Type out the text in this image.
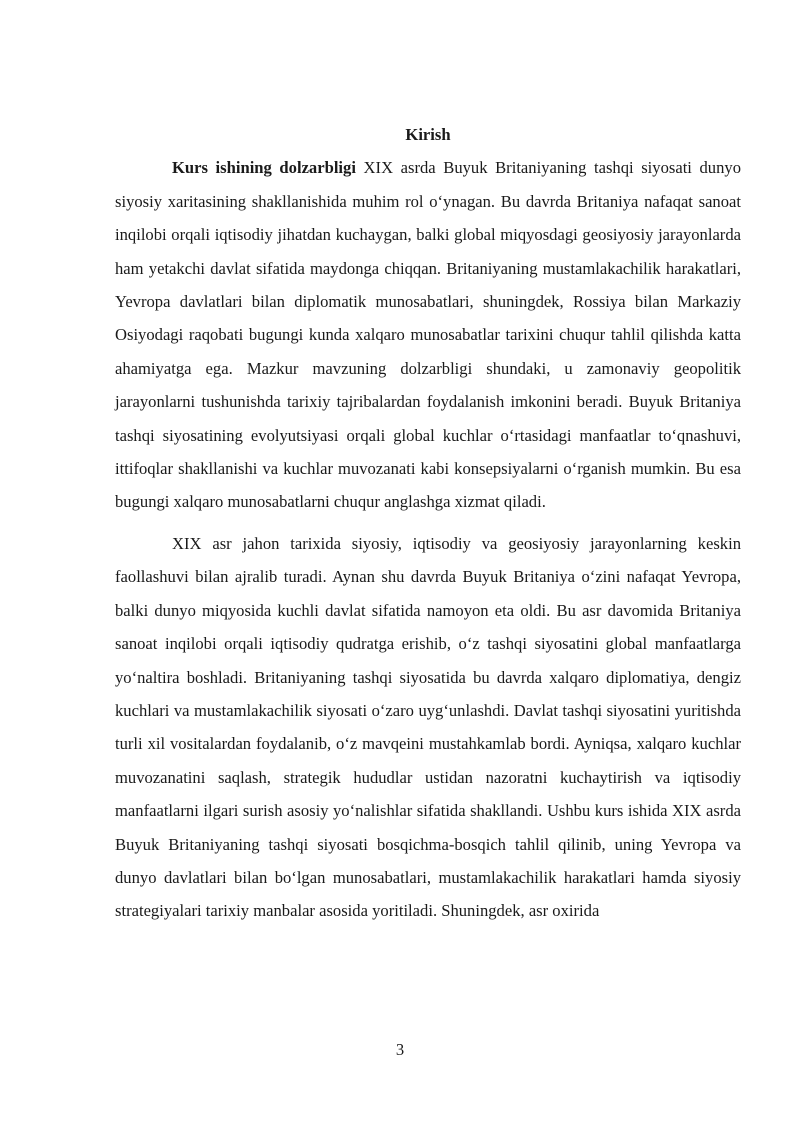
Kirish

Kurs ishining dolzarbligi XIX asrda Buyuk Britaniyaning tashqi siyosati dunyo siyosiy xaritasining shakllanishida muhim rol o‘ynagan. Bu davrda Britaniya nafaqat sanoat inqilobi orqali iqtisodiy jihatdan kuchaygan, balki global miqyosdagi geosiyosiy jarayonlarda ham yetakchi davlat sifatida maydonga chiqqan. Britaniyaning mustamlakachilik harakatlari, Yevropa davlatlari bilan diplomatik munosabatlari, shuningdek, Rossiya bilan Markaziy Osiyodagi raqobati bugungi kunda xalqaro munosabatlar tarixini chuqur tahlil qilishda katta ahamiyatga ega. Mazkur mavzuning dolzarbligi shundaki, u zamonaviy geopolitik jarayonlarni tushunishda tarixiy tajribalardan foydalanish imkonini beradi. Buyuk Britaniya tashqi siyosatining evolyutsiyasi orqali global kuchlar o‘rtasidagi manfaatlar to‘qnashuvi, ittifoqlar shakllanishi va kuchlar muvozanati kabi konsepsiyalarni o‘rganish mumkin. Bu esa bugungi xalqaro munosabatlarni chuqur anglashga xizmat qiladi.

XIX asr jahon tarixida siyosiy, iqtisodiy va geosiyosiy jarayonlarning keskin faollashuvi bilan ajralib turadi. Aynan shu davrda Buyuk Britaniya o‘zini nafaqat Yevropa, balki dunyo miqyosida kuchli davlat sifatida namoyon eta oldi. Bu asr davomida Britaniya sanoat inqilobi orqali iqtisodiy qudratga erishib, o‘z tashqi siyosatini global manfaatlarga yo‘naltira boshladi. Britaniyaning tashqi siyosatida bu davrda xalqaro diplomatiya, dengiz kuchlari va mustamlakachilik siyosati o‘zaro uyg‘unlashdi. Davlat tashqi siyosatini yuritishda turli xil vositalardan foydalanib, o‘z mavqeini mustahkamlab bordi. Ayniqsa, xalqaro kuchlar muvozanatini saqlash, strategik hududlar ustidan nazoratni kuchaytirish va iqtisodiy manfaatlarni ilgari surish asosiy yo‘nalishlar sifatida shakllandi. Ushbu kurs ishida XIX asrda Buyuk Britaniyaning tashqi siyosati bosqichma-bosqich tahlil qilinib, uning Yevropa va dunyo davlatlari bilan bo‘lgan munosabatlari, mustamlakachilik harakatlari hamda siyosiy strategiyalari tarixiy manbalar asosida yoritiladi. Shuningdek, asr oxirida

3
